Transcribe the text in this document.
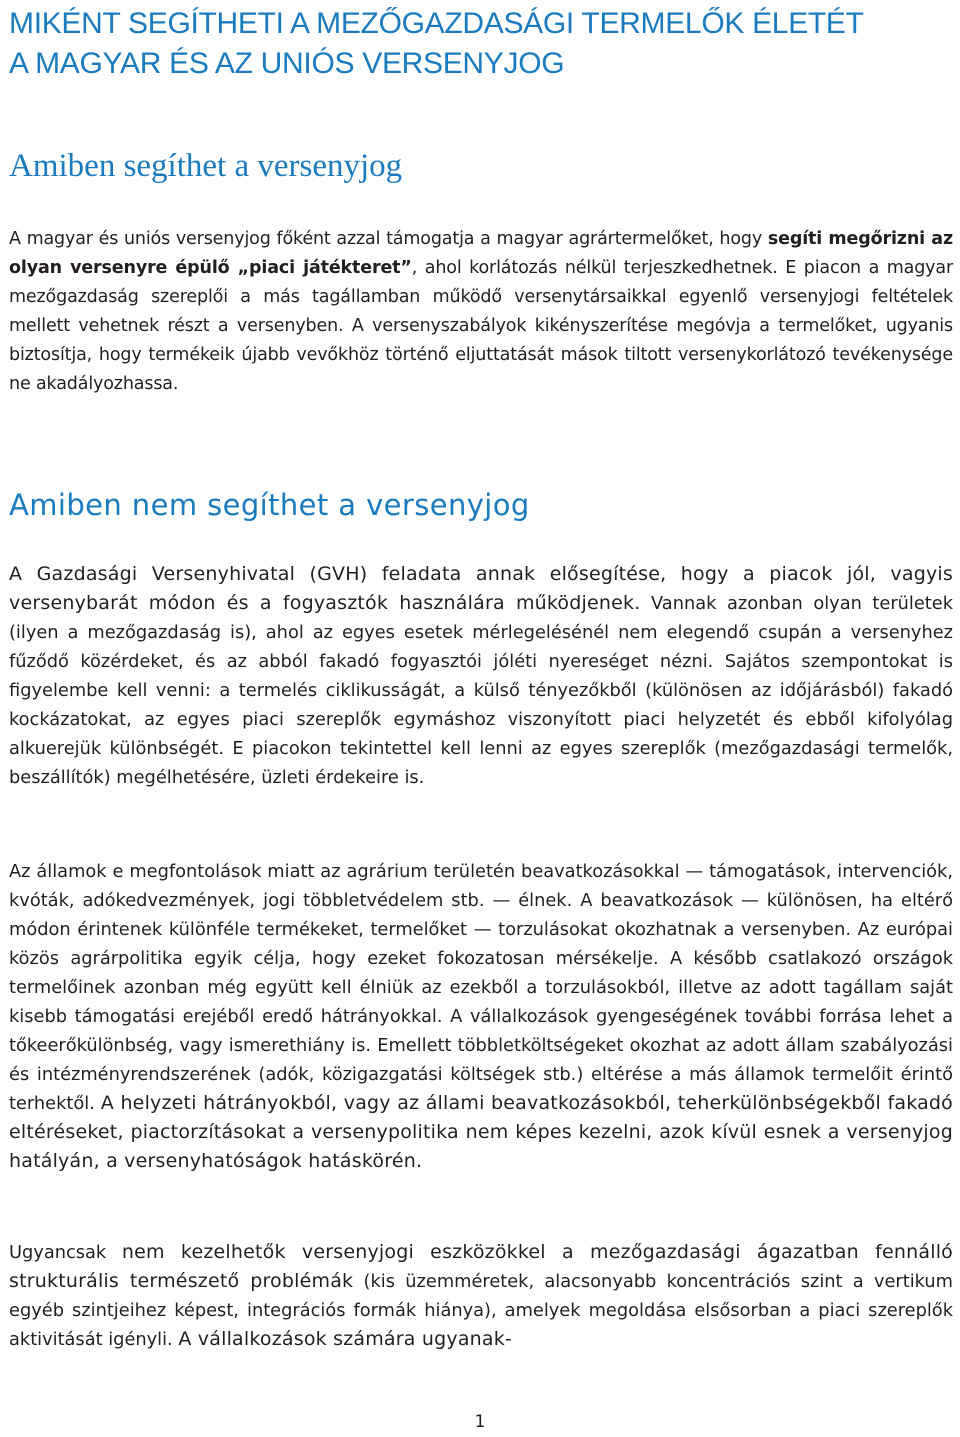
MIKÉNT SEGÍTHETI A MEZŐGAZDASÁGI TERMELŐK ÉLETÉT
A MAGYAR ÉS AZ UNIÓS VERSENYJOG
Amiben segíthet a versenyjog

A magyar és uniós versenyjog főként azzal támogatja a magyar agrártermelőket, hogy segíti megőrizni az olyan versenyre épülő „piaci játékteret”, ahol korlátozás nélkül terjeszkedhetnek. E piacon a magyar mezőgazdaság szereplői a más tagállamban működő versenytársaikkal egyenlő versenyjogi feltételek mellett vehetnek részt a versenyben. A versenyszabályok kikényszerítése megóvja a termelőket, ugyanis biztosítja, hogy termékeik újabb vevőkhöz történő eljuttatását mások tiltott versenykorlátozó tevékenysége ne akadályozhassa.

Amiben nem segíthet a versenyjog

A Gazdasági Versenyhivatal (GVH) feladata annak elősegítése, hogy a piacok jól, vagyis versenybarát módon és a fogyasztók használára működjenek. Vannak azonban olyan területek (ilyen a mezőgazdaság is), ahol az egyes esetek mérlegelésénél nem elegendő csupán a versenyhez fűződő közérdeket, és az abból fakadó fogyasztói jóléti nyereséget nézni. Sajátos szempontokat is figyelembe kell venni: a termelés ciklikusságát, a külső tényezőkből (különösen az időjárásból) fakadó kockázatokat, az egyes piaci szereplők egymáshoz viszonyított piaci helyzetét és ebből kifolyólag alkuerejük különbségét. E piacokon tekintettel kell lenni az egyes szereplők (mezőgazdasági termelők, beszállítók) megélhetésére, üzleti érdekeire is.

Az államok e megfontolások miatt az agrárium területén beavatkozásokkal — támogatások, intervenciók, kvóták, adókedvezmények, jogi többletvédelem stb. — élnek. A beavatkozások — különösen, ha eltérő módon érintenek különféle termékeket, termelőket — torzulásokat okozhatnak a versenyben. Az európai közös agrárpolitika egyik célja, hogy ezeket fokozatosan mérsékelje. A később csatlakozó országok termelőinek azonban még együtt kell élniük az ezekből a torzulásokból, illetve az adott tagállam saját kisebb támogatási erejéből eredő hátrányokkal. A vállalkozások gyengeségének további forrása lehet a tőkeerőkülönbség, vagy ismerethiány is. Emellett többletköltségeket okozhat az adott állam szabályozási és intézményrendszerének (adók, közigazgatási költségek stb.) eltérése a más államok termelőit érintő terhektől. A helyzeti hátrányokból, vagy az állami beavatkozásokból, teherkülönbségekből fakadó eltéréseket, piactorzításokat a versenypolitika nem képes kezelni, azok kívül esnek a versenyjog hatályán, a versenyhatóságok hatáskörén.

Ugyancsak nem kezelhetők versenyjogi eszközökkel a mezőgazdasági ágazatban fennálló strukturális természető problémák (kis üzemméretek, alacsonyabb koncentrációs szint a vertikum egyéb szintjeihez képest, integrációs formák hiánya), amelyek megoldása elsősorban a piaci szereplők aktivitását igényli. A vállalkozások számára ugyanak-

1
